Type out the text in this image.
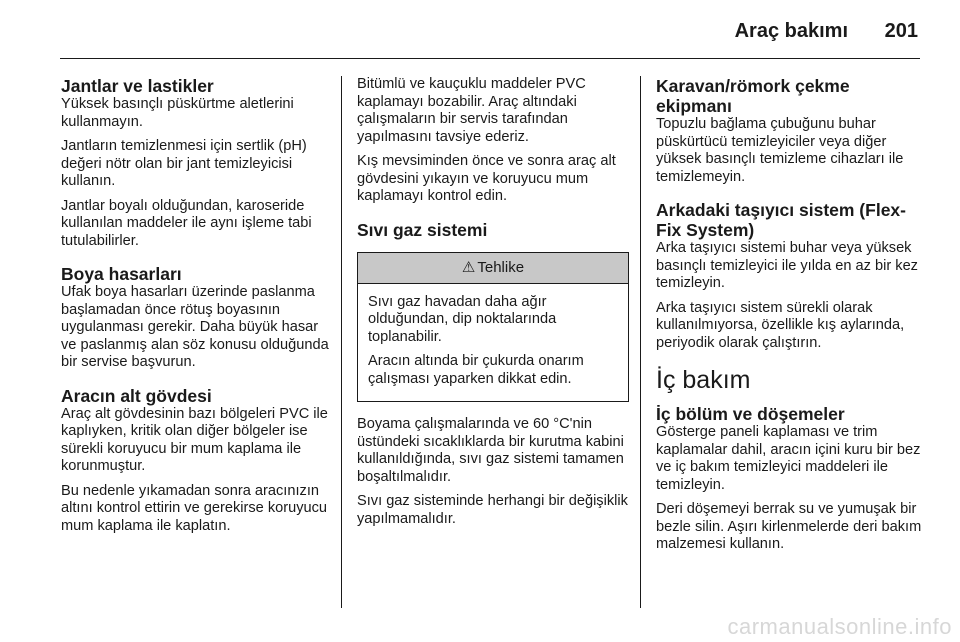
Araç bakımı 201
Jantlar ve lastikler

Yüksek basınçlı püskürtme aletlerini kullanmayın.

Jantların temizlenmesi için sertlik (pH) değeri nötr olan bir jant temizleyicisi kullanın.

Jantlar boyalı olduğundan, karoseride kullanılan maddeler ile aynı işleme tabi tutulabilirler.

Boya hasarları

Ufak boya hasarları üzerinde paslanma başlamadan önce rötuş boyasının uygulanması gerekir. Daha büyük hasar ve paslanmış alan söz konusu olduğunda bir servise başvurun.

Aracın alt gövdesi

Araç alt gövdesinin bazı bölgeleri PVC ile kaplıyken, kritik olan diğer bölgeler ise sürekli koruyucu bir mum kaplama ile korunmuştur.

Bu nedenle yıkamadan sonra aracınızın altını kontrol ettirin ve gerekirse koruyucu mum kaplama ile kaplatın.

Bitümlü ve kauçuklu maddeler PVC kaplamayı bozabilir. Araç altındaki çalışmaların bir servis tarafından yapılmasını tavsiye ederiz.

Kış mevsiminden önce ve sonra araç alt gövdesini yıkayın ve koruyucu mum kaplamayı kontrol edin.

Sıvı gaz sistemi
⚠ Tehlike

Sıvı gaz havadan daha ağır olduğundan, dip noktalarında toplanabilir.

Aracın altında bir çukurda onarım çalışması yaparken dikkat edin.

Boyama çalışmalarında ve 60 °C'nin üstündeki sıcaklıklarda bir kurutma kabini kullanıldığında, sıvı gaz sistemi tamamen boşaltılmalıdır.

Sıvı gaz sisteminde herhangi bir değişiklik yapılmamalıdır.

Karavan/römork çekme ekipmanı

Topuzlu bağlama çubuğunu buhar püskürtücü temizleyiciler veya diğer yüksek basınçlı temizleme cihazları ile temizlemeyin.

Arkadaki taşıyıcı sistem (Flex-Fix System)

Arka taşıyıcı sistemi buhar veya yüksek basınçlı temizleyici ile yılda en az bir kez temizleyin.

Arka taşıyıcı sistem sürekli olarak kullanılmıyorsa, özellikle kış aylarında, periyodik olarak çalıştırın.

İç bakım
İç bölüm ve döşemeler

Gösterge paneli kaplaması ve trim kaplamalar dahil, aracın içini kuru bir bez ve iç bakım temizleyici maddeleri ile temizleyin.

Deri döşemeyi berrak su ve yumuşak bir bezle silin. Aşırı kirlenmelerde deri bakım malzemesi kullanın.

carmanualsonline.info
